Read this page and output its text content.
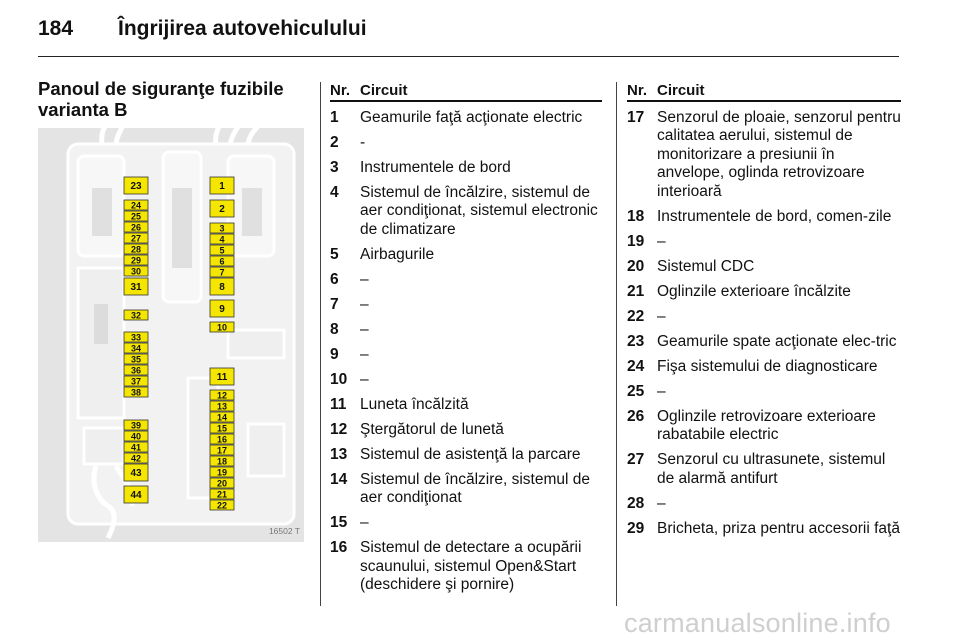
184 Îngrijirea autovehiculului
Panoul de siguranţe fuzibile varianta B
1
2
3
4
5
6
7
8
9
10
11
12
13
14
15
16
17
18
19
20
21
22
23
24
25
26
27
28
29
30
31
32
33
34
35
36
37
38
39
40
41
42
43
44
16502 T
Nr. Circuit
1	Geamurile faţă acţionate electric
2	-
3	Instrumentele de bord
4	Sistemul de încălzire, sistemul de aer condiţionat, sistemul electronic de climatizare
5	Airbagurile
6	–
7	–
8	–
9	–
10 –
11 Luneta încălzită
12 Ştergătorul de lunetă
13 Sistemul de asistenţă la parcare
14 Sistemul de încălzire, sistemul de aer condiţionat
15 –
16 Sistemul de detectare a ocupării scaunului, sistemul Open&Start (deschidere şi pornire)
Nr. Circuit
17 Senzorul de ploaie, senzorul pentru calitatea aerului, sistemul de monitorizare a presiunii în anvelope, oglinda retrovizoare interioară
18 Instrumentele de bord, comen-zile
19 –
20 Sistemul CDC
21 Oglinzile exterioare încălzite
22 –
23 Geamurile spate acţionate elec-tric
24 Fişa sistemului de diagnosticare
25 –
26 Oglinzile retrovizoare exterioare rabatabile electric
27 Senzorul cu ultrasunete, sistemul de alarmă antifurt
28 –
29 Bricheta, priza pentru accesorii faţă
carmanualsonline.info
